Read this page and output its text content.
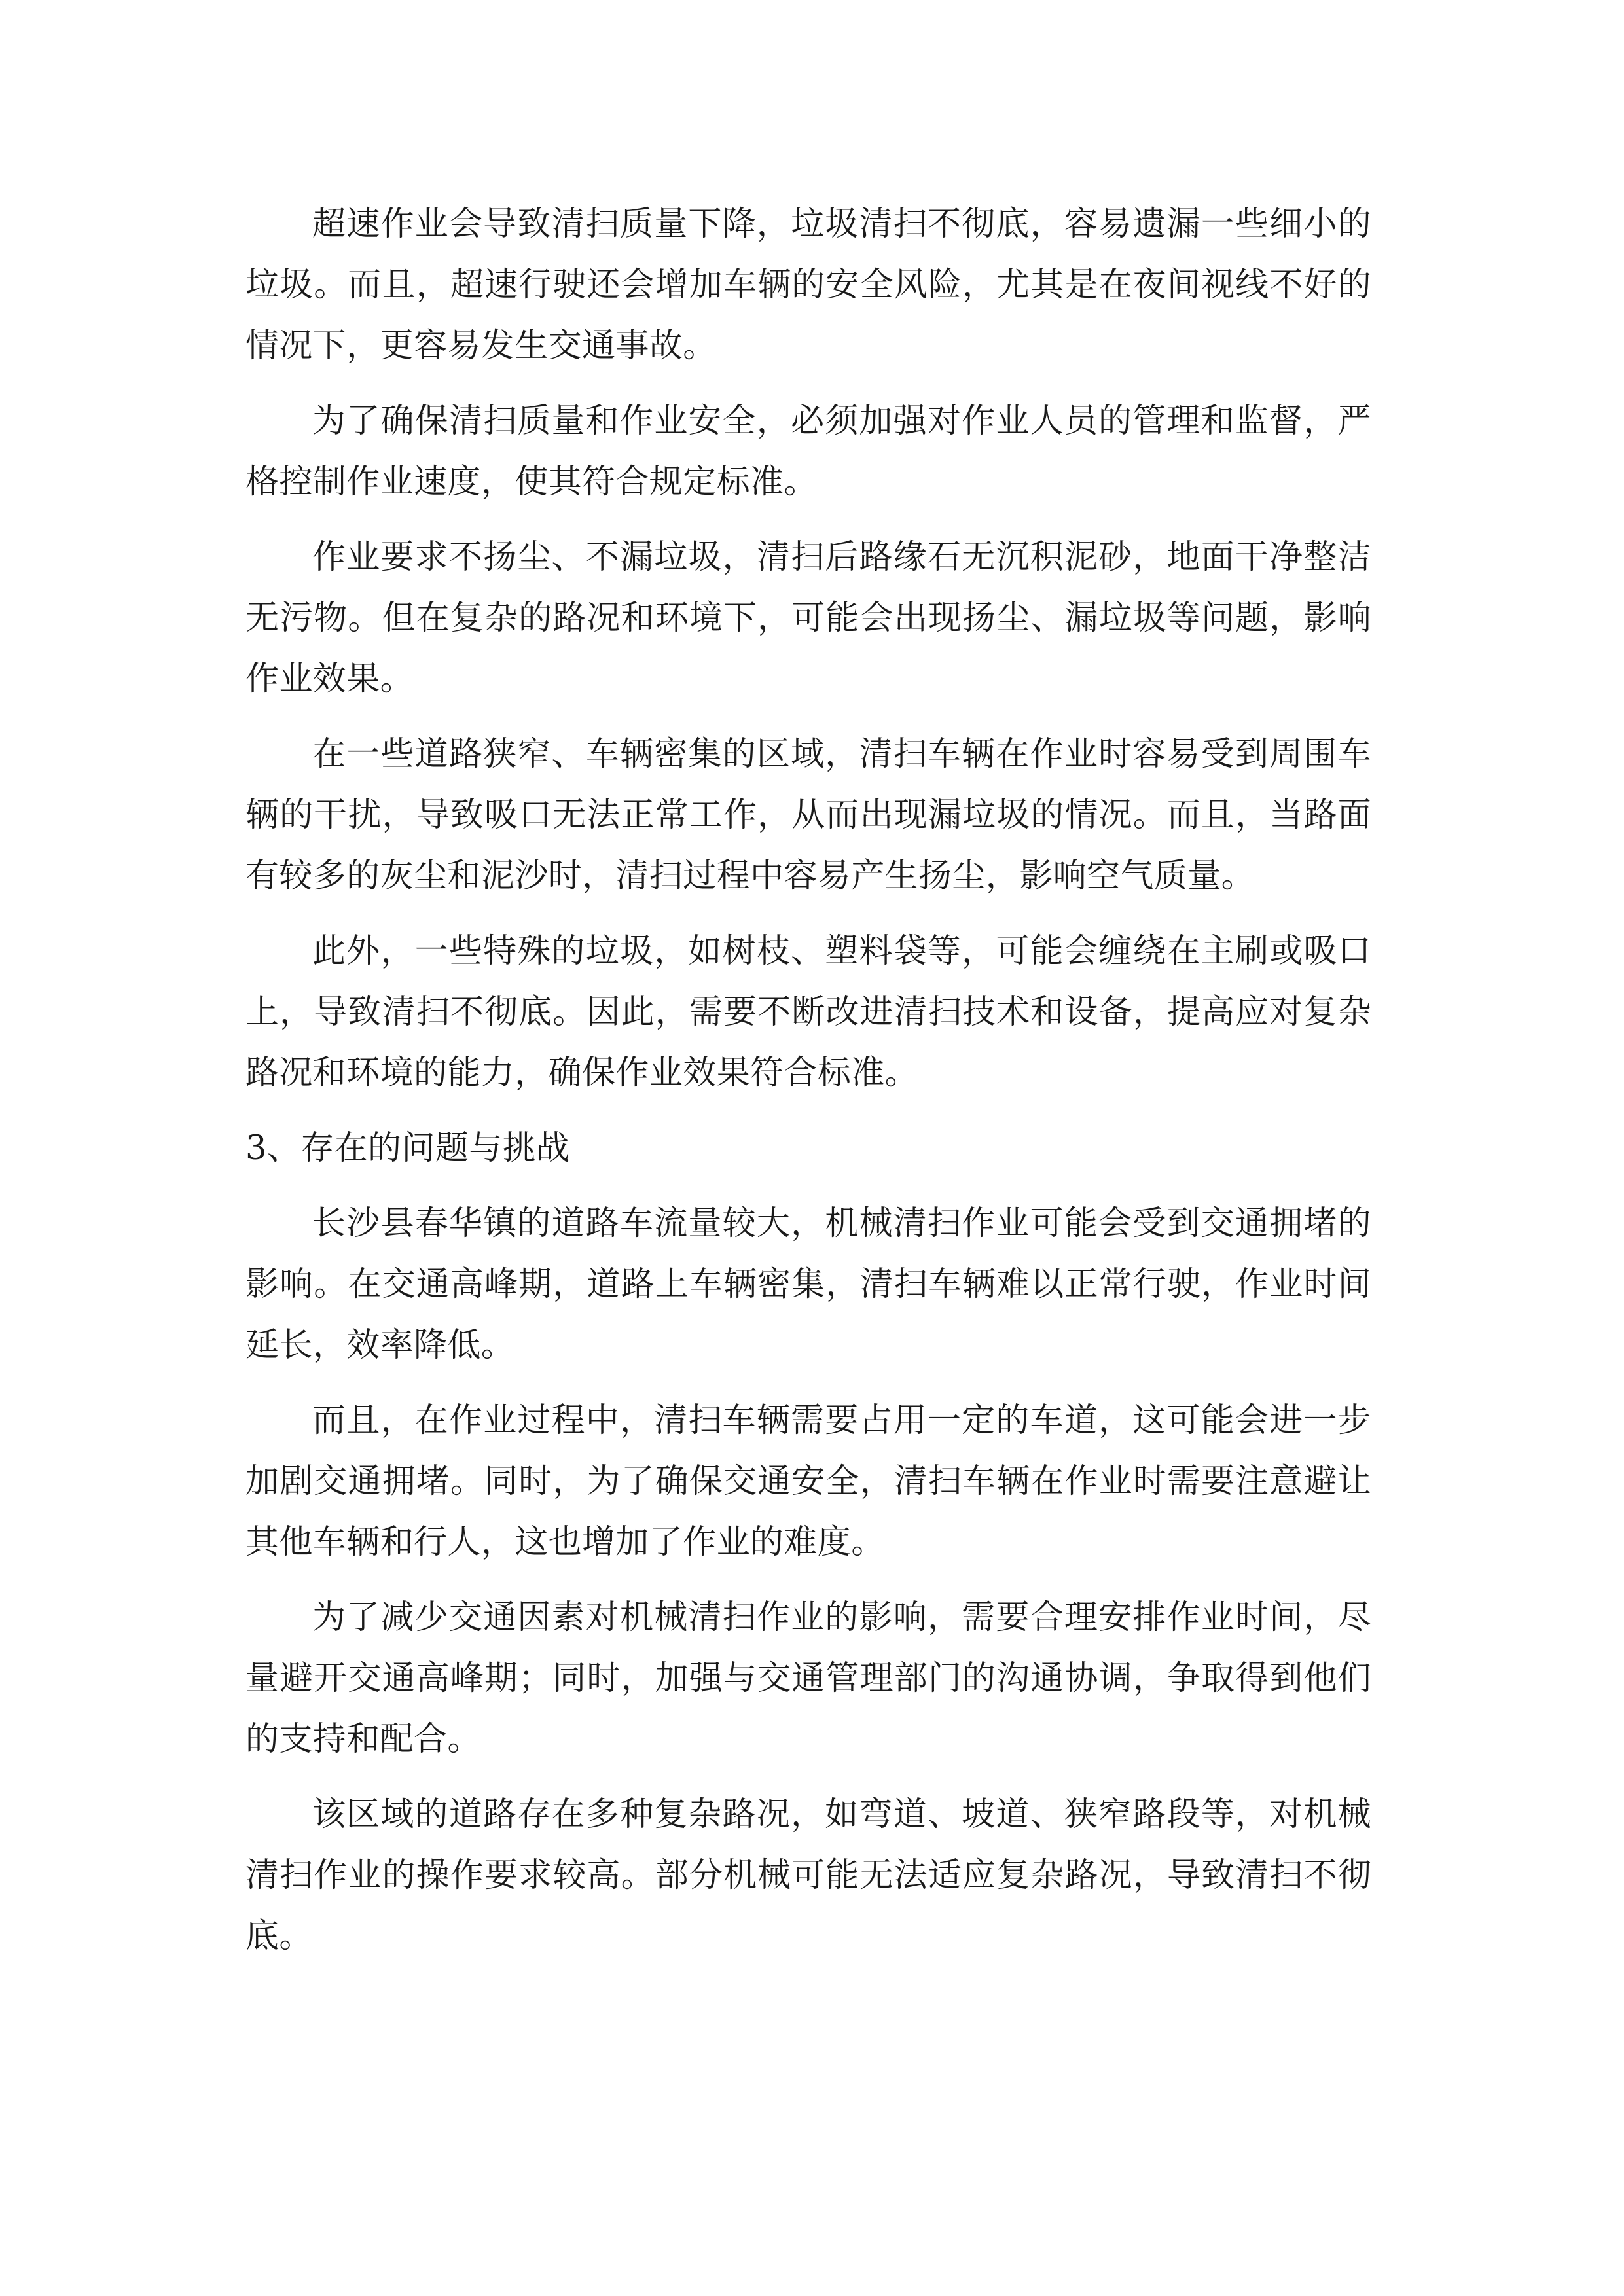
超速作业会导致清扫质量下降，垃圾清扫不彻底，容易遗漏一些细小的垃圾。而且，超速行驶还会增加车辆的安全风险，尤其是在夜间视线不好的情况下，更容易发生交通事故。

为了确保清扫质量和作业安全，必须加强对作业人员的管理和监督，严格控制作业速度，使其符合规定标准。

作业要求不扬尘、不漏垃圾，清扫后路缘石无沉积泥砂，地面干净整洁无污物。但在复杂的路况和环境下，可能会出现扬尘、漏垃圾等问题，影响作业效果。

在一些道路狭窄、车辆密集的区域，清扫车辆在作业时容易受到周围车辆的干扰，导致吸口无法正常工作，从而出现漏垃圾的情况。而且，当路面有较多的灰尘和泥沙时，清扫过程中容易产生扬尘，影响空气质量。

此外，一些特殊的垃圾，如树枝、塑料袋等，可能会缠绕在主刷或吸口上，导致清扫不彻底。因此，需要不断改进清扫技术和设备，提高应对复杂路况和环境的能力，确保作业效果符合标准。

3、存在的问题与挑战

长沙县春华镇的道路车流量较大，机械清扫作业可能会受到交通拥堵的影响。在交通高峰期，道路上车辆密集，清扫车辆难以正常行驶，作业时间延长，效率降低。

而且，在作业过程中，清扫车辆需要占用一定的车道，这可能会进一步加剧交通拥堵。同时，为了确保交通安全，清扫车辆在作业时需要注意避让其他车辆和行人，这也增加了作业的难度。

为了减少交通因素对机械清扫作业的影响，需要合理安排作业时间，尽量避开交通高峰期；同时，加强与交通管理部门的沟通协调，争取得到他们的支持和配合。

该区域的道路存在多种复杂路况，如弯道、坡道、狭窄路段等，对机械清扫作业的操作要求较高。部分机械可能无法适应复杂路况，导致清扫不彻底。
